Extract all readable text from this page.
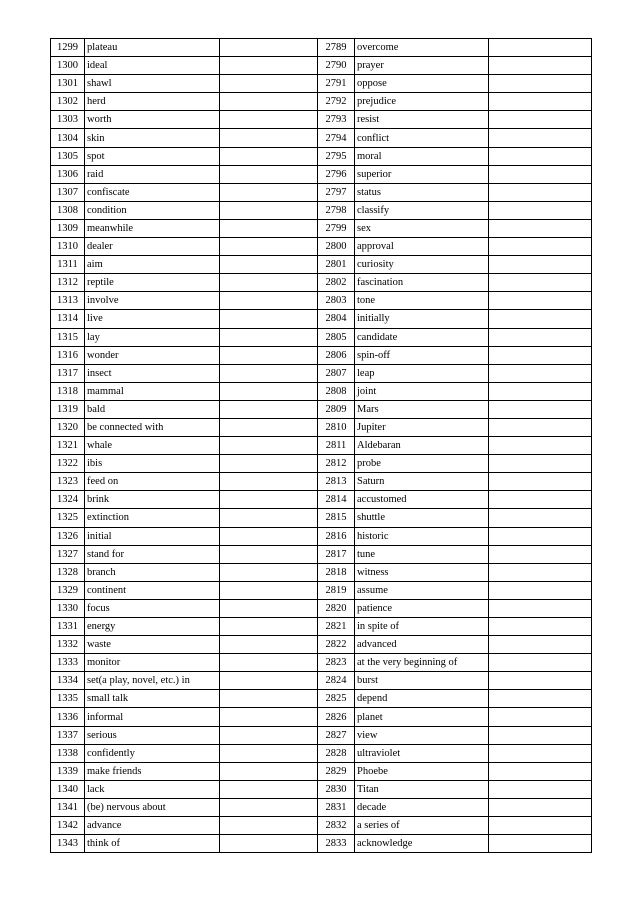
1299	plateau		2789	overcome	
1300	ideal		2790	prayer	
1301	shawl		2791	oppose	
1302	herd		2792	prejudice	
1303	worth		2793	resist	
1304	skin		2794	conflict	
1305	spot		2795	moral	
1306	raid		2796	superior	
1307	confiscate		2797	status	
1308	condition		2798	classify	
1309	meanwhile		2799	sex	
1310	dealer		2800	approval	
1311	aim		2801	curiosity	
1312	reptile		2802	fascination	
1313	involve		2803	tone	
1314	live		2804	initially	
1315	lay		2805	candidate	
1316	wonder		2806	spin-off	
1317	insect		2807	leap	
1318	mammal		2808	joint	
1319	bald		2809	Mars	
1320	be connected with		2810	Jupiter	
1321	whale		2811	Aldebaran	
1322	ibis		2812	probe	
1323	feed on		2813	Saturn	
1324	brink		2814	accustomed	
1325	extinction		2815	shuttle	
1326	initial		2816	historic	
1327	stand for		2817	tune	
1328	branch		2818	witness	
1329	continent		2819	assume	
1330	focus		2820	patience	
1331	energy		2821	in spite of	
1332	waste		2822	advanced	
1333	monitor		2823	at the very beginning of	
1334	set(a play, novel, etc.) in		2824	burst	
1335	small talk		2825	depend	
1336	informal		2826	planet	
1337	serious		2827	view	
1338	confidently		2828	ultraviolet	
1339	make friends		2829	Phoebe	
1340	lack		2830	Titan	
1341	(be) nervous about		2831	decade	
1342	advance		2832	a series of	
1343	think of		2833	acknowledge	
